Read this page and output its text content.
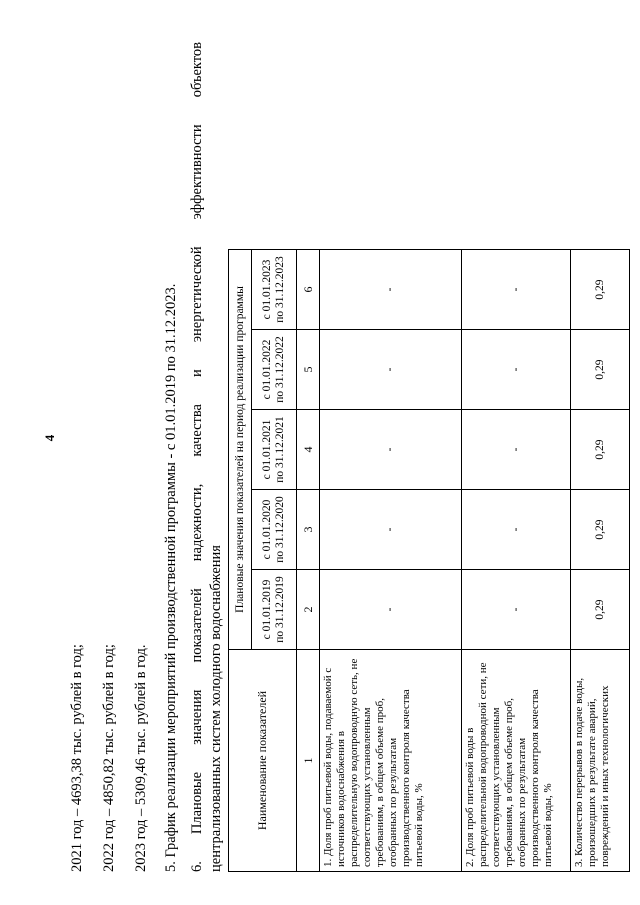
4
2021 год – 4693,38 тыс. рублей в год; 2022 год – 4850,82 тыс. рублей в год; 2023 год – 5309,46 тыс. рублей в год. 5. График реализации мероприятий производственной программы - с 01.01.2019 по 31.12.2023. 6. Плановые значения показателей надежности, качества и энергетической эффективности объектов централизованных систем холодного водоснабжения	Наименование показателей	Плановые значения показателей на период реализации программы				
	с 01.01.2019 по 31.12.2019	с 01.01.2020 по 31.12.2020	с 01.01.2021 по 31.12.2021	с 01.01.2022 по 31.12.2022	с 01.01.2023 по 31.12.2023
1	2	3	4	5	6
1. Доля проб питьевой воды, подаваемой с источников водоснабжения в распределительную водопроводную сеть, не соответствующих установленным требованиям, в общем объеме проб, отобранных по результатам производственного контроля качества питьевой воды, %	-	-	-	-	-
2. Доля проб питьевой воды в распределительной водопроводной сети, не соответствующих установленным требованиям, в общем объеме проб, отобранных по результатам производственного контроля качества питьевой воды, %	-	-	-	-	-
3. Количество перерывов в подаче воды, произошедших в результате аварий, повреждений и иных технологических	0,29	0,29	0,29	0,29	0,29
